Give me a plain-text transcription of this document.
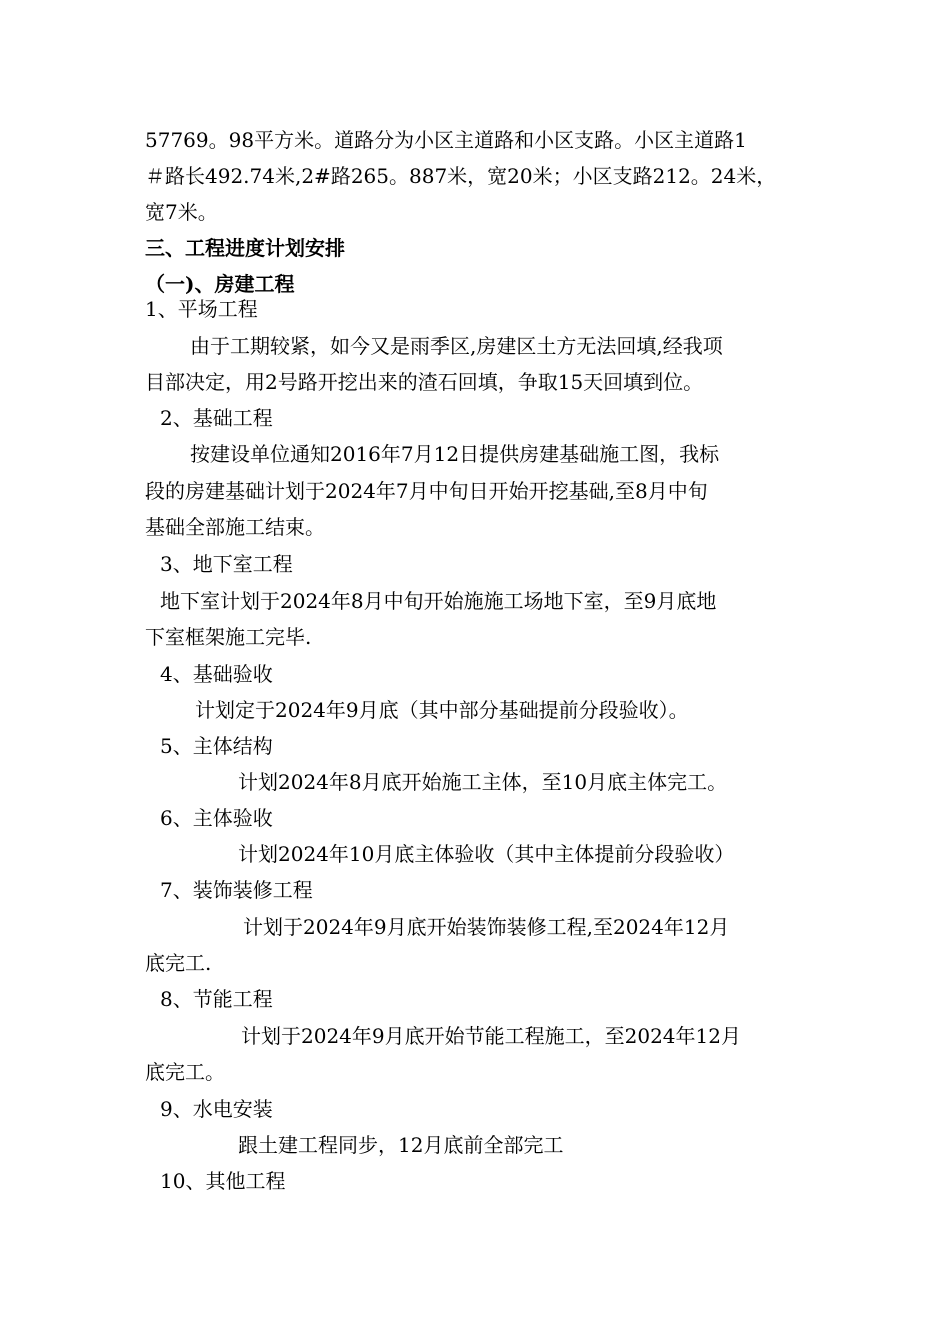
57769。98平方米。道路分为小区主道路和小区支路。小区主道路1
＃路长492.74米,2#路265。887米，宽20米；小区支路212。24米，
宽7米。
三、工程进度计划安排
（一)、房建工程
1、平场工程
由于工期较紧，如今又是雨季区,房建区土方无法回填,经我项
目部决定，用2号路开挖出来的渣石回填，争取15天回填到位。
2、基础工程
按建设单位通知2016年7月12日提供房建基础施工图，我标
段的房建基础计划于2024年7月中旬日开始开挖基础,至8月中旬
基础全部施工结束。
3、地下室工程
地下室计划于2024年8月中旬开始施施工场地下室，至9月底地
下室框架施工完毕.
4、基础验收
计划定于2024年9月底（其中部分基础提前分段验收）。
5、主体结构
计划2024年8月底开始施工主体，至10月底主体完工。
6、主体验收
计划2024年10月底主体验收（其中主体提前分段验收）
7、装饰装修工程
计划于2024年9月底开始装饰装修工程,至2024年12月
底完工.
8、节能工程
计划于2024年9月底开始节能工程施工，至2024年12月
底完工。
9、水电安装
跟土建工程同步，12月底前全部完工
10、其他工程
